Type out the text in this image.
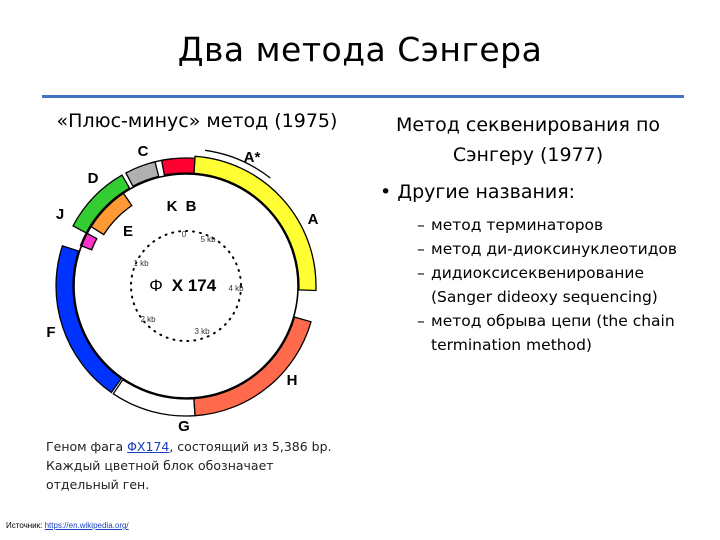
Два метода Сэнгера
«Плюс-минус» метод (1975)	Метод секвенирования по
Сэнгеру (1977)
• Другие названия:
– метод терминаторов
– метод ди-диоксинуклеотидов
– дидиоксисеквенирование (Sanger dideoxy sequencing)
– метод обрыва цепи (the chain termination method)
Φ X 174
0
5 kb
1 kb
4 kb
2 kb
3 kb
C	A*
D
K B
J	A
E
F
H
G
Геном фага ΦX174, состоящий из 5,386 bp. Каждый цветной блок обозначает отдельный ген.
Источник: https://en.wikipedia.org/
